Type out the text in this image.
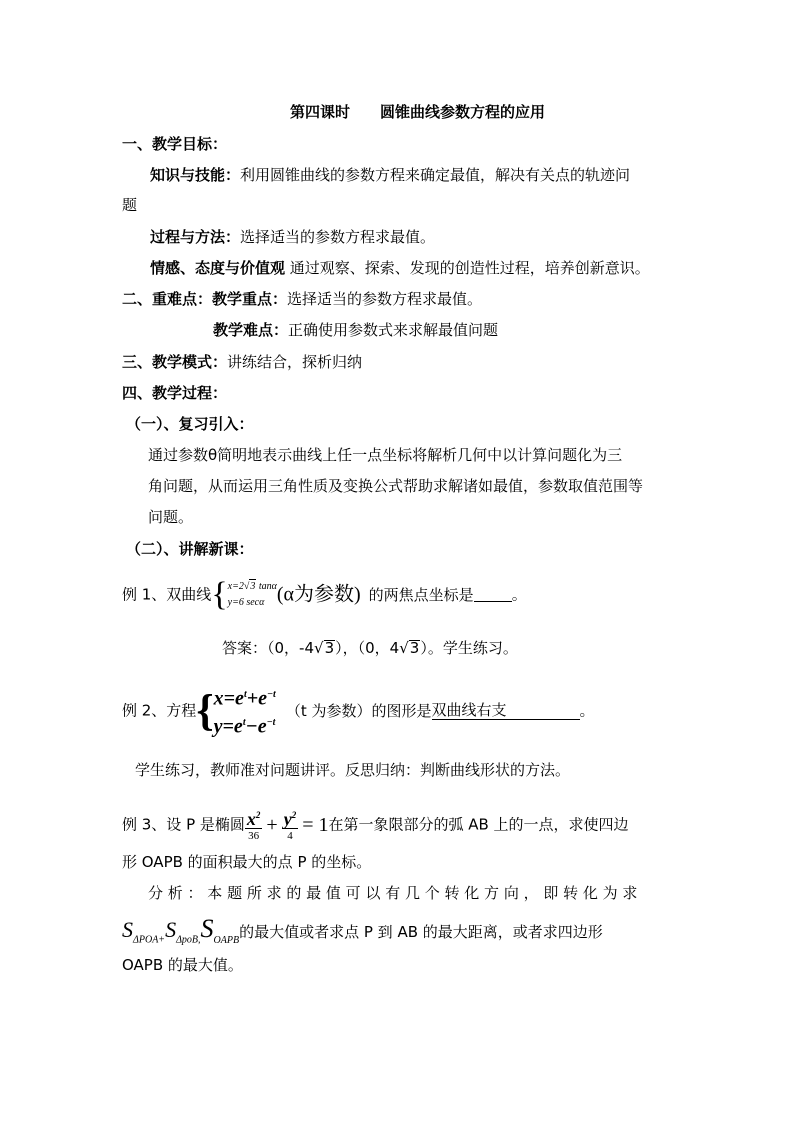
第四课时　　圆锥曲线参数方程的应用
一、教学目标：
知识与技能：利用圆锥曲线的参数方程来确定最值，解决有关点的轨迹问
题
过程与方法：选择适当的参数方程求最值。
情感、态度与价值观 通过观察、探索、发现的创造性过程，培养创新意识。
二、重难点：教学重点：选择适当的参数方程求最值。
教学难点：正确使用参数式来求解最值问题
三、教学模式：讲练结合，探析归纳
四、教学过程：
（一）、复习引入：
通过参数θ简明地表示曲线上任一点坐标将解析几何中以计算问题化为三
角问题，从而运用三角性质及变换公式帮助求解诸如最值，参数取值范围等
问题。
（二）、讲解新课：
例 1、双曲线{ x=2√3 tanα
y=6 secα (α为参数) 的两焦点坐标是	。
答案：（0，-4√3），（0，4√3）。学生练习。
例 2、方程{ $x=e^t+e^{-t}$
$y=e^t-e^{-t}$
（t 为参数）的图形是双曲线右支	。
学生练习，教师准对问题讲评。反思归纳：判断曲线形状的方法。
例 3、设 P 是椭圆 $\frac{x^2}{36} + \frac{y^2}{4} = 1$在第一象限部分的弧 AB 上的一点，求使四边
形 OAPB 的面积最大的点 P 的坐标。
分 析 ： 本 题 所 求 的 最 值 可 以 有 几 个 转 化 方 向 ， 即 转 化 为 求
$S_{\Delta POA+}S_{\Delta poB,}S_{OAPB}$的最大值或者求点 P 到 AB 的最大距离，或者求四边形
OAPB 的最大值。
